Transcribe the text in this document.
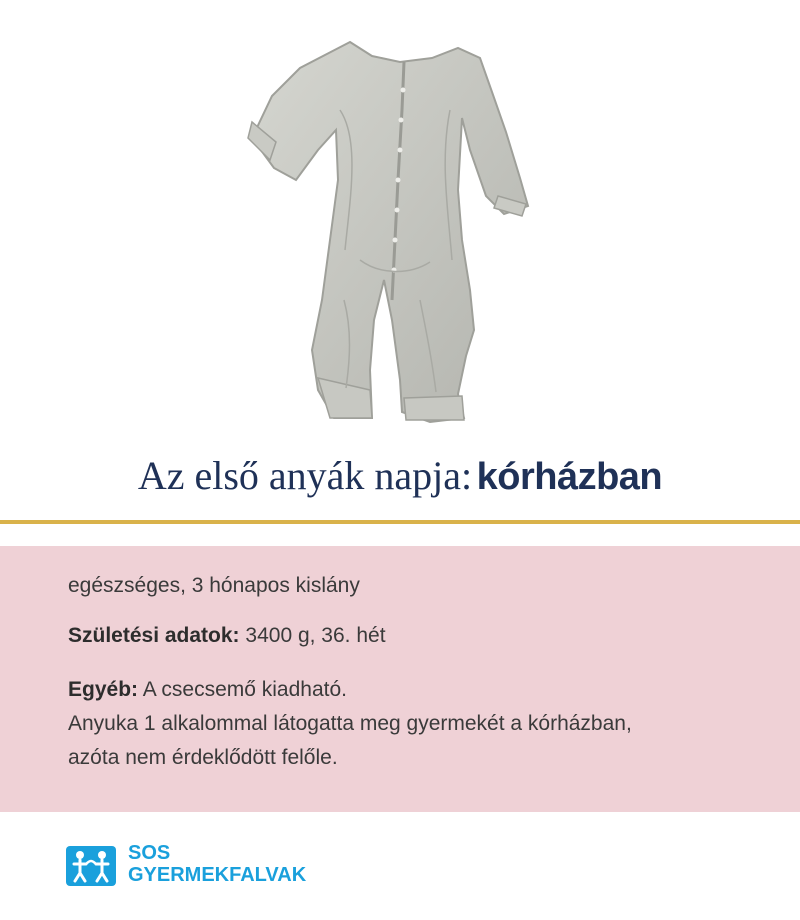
Az első anyák napja: kórházban
egészséges, 3 hónapos kislány
Születési adatok: 3400 g, 36. hét
Egyéb: A csecsemő kiadható.
Anyuka 1 alkalommal látogatta meg gyermekét a kórházban,
azóta nem érdeklődött felőle.
SOS
GYERMEKFALVAK
